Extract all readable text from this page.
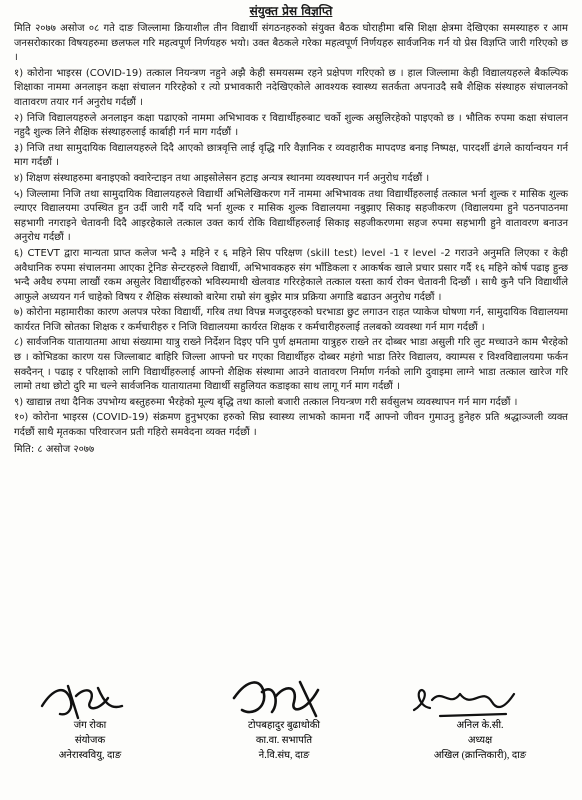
संयुक्त प्रेस विज्ञप्ति

मिति २०७७ असोज ०८ गते दाङ जिल्लामा क्रियाशील तीन विद्यार्थी संगठनहरुको संयुक्त बैठक घोराहीमा बसि शिक्षा क्षेत्रमा देखिएका समस्याहरु र आम जनसरोकारका विषयहरुमा छलफल गरि महत्वपूर्ण निर्णयहरु भयो। उक्त बैठकले गरेका महत्वपूर्ण निर्णयहरु सार्वजनिक गर्न यो प्रेस विज्ञप्ति जारी गरिएको छ ।

१) कोरोना भाइरस (COVID-19) तत्काल नियन्त्रण नहुने अझै केही समयसम्म रहने प्रक्षेपण गरिएको छ । हाल जिल्लामा केही विद्यालयहरुले बैकल्पिक शिक्षाका नाममा अनलाइन कक्षा संचालन गरिरहेको र त्यो प्रभावकारी नदेखिएकोले आवश्यक स्वास्थ्य सतर्कता अपनाउदै सबै शैक्षिक संस्थाहरु संचालनको वातावरण तयार गर्न अनुरोध गर्दछौं ।

२) निजि विद्यालयहरुले अनलाइन कक्षा पढाएको नाममा अभिभावक र विद्यार्थीहरुबाट चर्को शुल्क असुलिरहेको पाइएको छ । भौतिक रुपमा कक्षा संचालन नहुदै शुल्क लिने शैक्षिक संस्थाहरुलाई कार्बाही गर्न माग गर्दछौं ।

३) निजि तथा सामुदायिक विद्यालयहरुले दिदै आएको छात्रवृत्ति लाई वृद्धि गरि वैज्ञानिक र व्यवहारीक मापदण्ड बनाइ निष्पक्ष, पारदर्शी ढंगले कार्यान्वयन गर्न माग गर्दछौं ।

४) शिक्षण संस्थाहरुमा बनाइएको क्वारेन्टाइन तथा आइसोलेसन हटाइ अन्यत्र स्थानमा व्यवस्थापन गर्न अनुरोध गर्दछौं ।

५) जिल्लामा निजि तथा सामुदायिक विद्यालयहरुले विद्यार्थी अभिलेखिकरण गर्ने नाममा अभिभावक तथा विद्यार्थीहरुलाई तत्काल भर्ना शुल्क र मासिक शुल्क ल्याएर विद्यालयमा उपस्थित हुन उर्दी जारी गर्दै यदि भर्ना शुल्क र मासिक शुल्क विद्यालयमा नबुझाए सिकाइ सहजीकरण (विद्यालयमा हुने पठनपाठनमा सहभागी नगराइने चेतावनी दिदै आइरहेकाले तत्काल उक्त कार्य रोकि विद्यार्थीहरुलाई सिकाइ सहजीकरणमा सहज रुपमा सहभागी हुने वातावरण बनाउन अनुरोध गर्दछौं ।

६) CTEVT द्वारा मान्यता प्राप्त कलेज भन्दै ३ महिने र ६ महिने सिप परिक्षण (skill test) level -1 र level -2 गराउने अनुमति लिएका र केही अवैधानिक रुपमा संचालनमा आएका ट्रेनिङ सेन्टरहरुले विद्यार्थी, अभिभावकहरु संग भाँडिकला र आकर्षक खाले प्रचार प्रसार गर्दै १६ महिने कोर्ष पढाइ हुन्छ भन्दै अवैध रुपमा लाखौं रकम असुलेर विद्यार्थीहरुको भविस्यमाथी खेलवाड गरिरहेकाले तत्काल यस्ता कार्य रोक्न चेतावनी दिन्छौं । साथै कुनै पनि विद्यार्थीले आफुले अध्ययन गर्न चाहेको विषय र शैक्षिक संस्थाको बारेमा राम्रो संग बुझेर मात्र प्रक्रिया अगाडि बढाउन अनुरोध गर्दछौं ।

७) कोरोना महामारीका कारण अलपत्र परेका विद्यार्थी, गरिब तथा विपन्न मजदुरहरुको घरभाडा छुट लगाउन राहत प्याकेज घोषणा गर्न, सामुदायिक विद्यालयमा कार्यरत निजि स्रोतका शिक्षक र कर्मचारीहरु र निजि विद्यालयमा कार्यरत शिक्षक र कर्मचारीहरुलाई तलबको व्यवस्था गर्न माग गर्दछौं ।

८) सार्वजनिक यातायातमा आधा संख्यामा यात्रु राख्ने निर्देशन दिइए पनि पुर्ण क्षमतामा यात्रुहरु राख्ने तर दोब्बर भाडा असुली गरि लुट मच्चाउने काम भैरहेको छ । कोभिडका कारण यस जिल्लाबाट बाहिरि जिल्ला आफ्नो घर गएका विद्यार्थीहरु दोब्बर महंगो भाडा तिरेर विद्यालय, क्याम्पस र विश्वविद्यालयमा फर्कन सक्दैनन् । पढाइ र परिक्षाको लागि विद्यार्थीहरुलाई आफ्नो शैक्षिक संस्थामा आउने वातावरण निर्माण गर्नको लागि दुवाइमा लाग्ने भाडा तत्काल खारेज गरि लामो तथा छोटो दुरि मा चल्ने सार्वजनिक यातायातमा विद्यार्थी सहुलियत कडाइका साथ लागू गर्न माग गर्दछौं ।

९) खाद्यान्न तथा दैनिक उपभोग्य बस्तुहरुमा भैरहेको मूल्य बृद्धि तथा कालो बजारी तत्काल नियन्त्रण गरी सर्वसुलभ व्यवस्थापन गर्न माग गर्दछौं ।

१०) कोरोना भाइरस (COVID-19) संक्रमण हुनुभएका हरुको सिघ्र स्वास्थ्य लाभको कामना गर्दै आफ्नो जीवन गुमाउनु हुनेहरु प्रति श्रद्धाञ्जली व्यक्त गर्दछौं साथै मृतकका परिवारजन प्रती गहिरो समवेदना व्यक्त गर्दछौं ।

मिति: ८ असोज २०७७

जंग रोका
संयोजक
अनेरास्ववियु, दाङ
टोपबहादुर बुढाथोकी
का.वा. सभापति
ने.वि.संघ, दाङ
अनिल के.सी.
अध्यक्ष
अखिल (क्रान्तिकारी), दाङ
